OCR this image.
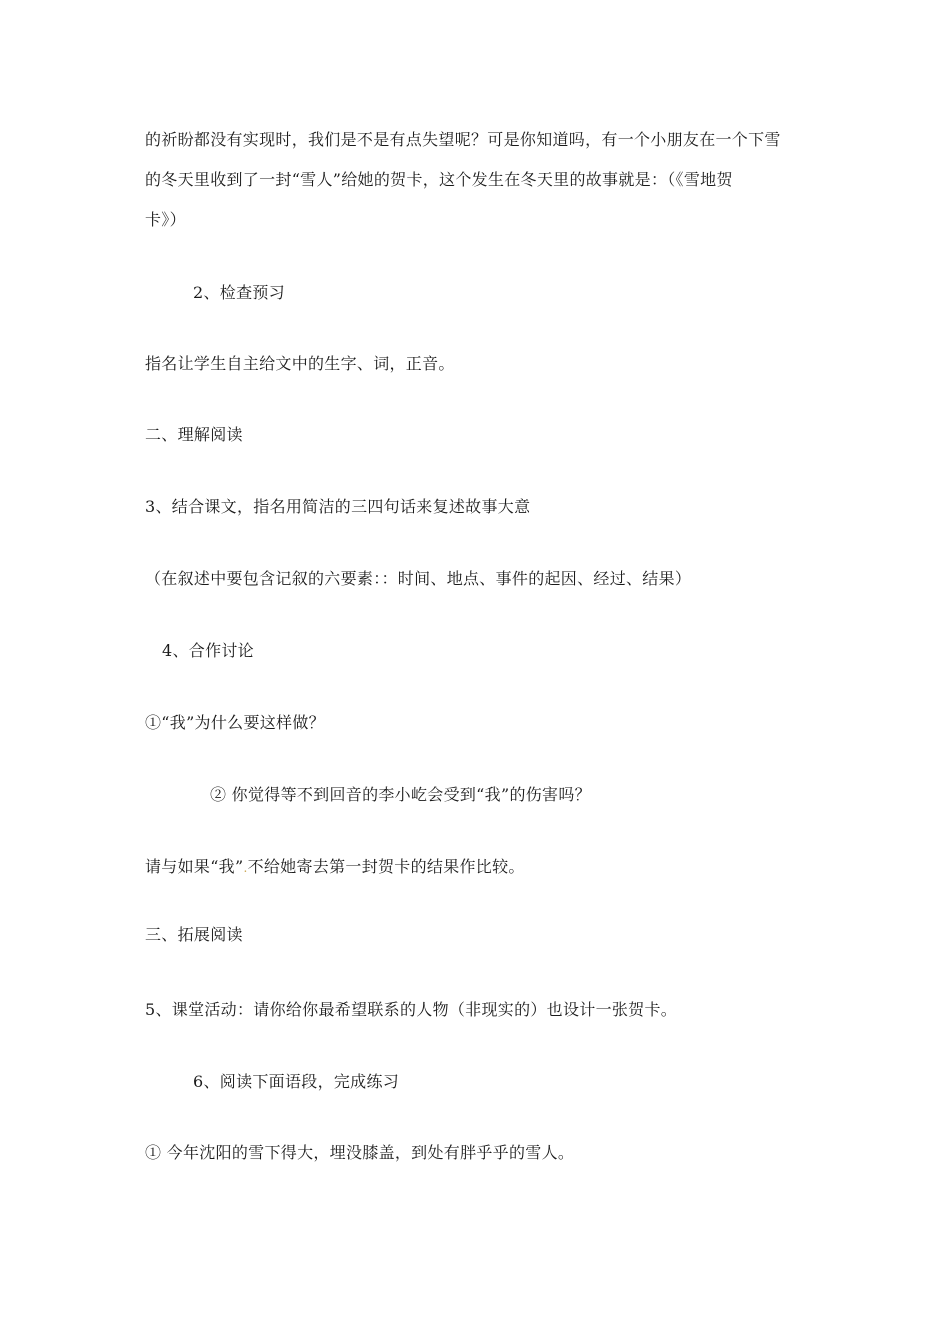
的祈盼都没有实现时，我们是不是有点失望呢？可是你知道吗，有一个小朋友在一个下雪
的冬天里收到了一封“雪人”给她的贺卡，这个发生在冬天里的故事就是：（《雪地贺
卡》）
2、检查预习
指名让学生自主给文中的生字、词，正音。
二、理解阅读
3、结合课文，指名用简洁的三四句话来复述故事大意
（在叙述中要包含记叙的六要素：：时间、地点、事件的起因、经过、结果）
4、合作讨论
①“我”为什么要这样做？
② 你觉得等不到回音的李小屹会受到“我”的伤害吗？
请与如果“我”.不给她寄去第一封贺卡的结果作比较。
三、拓展阅读
5、课堂活动：请你给你最希望联系的人物（非现实的）也设计一张贺卡。
6、阅读下面语段，完成练习
① 今年沈阳的雪下得大，埋没膝盖，到处有胖乎乎的雪人。
